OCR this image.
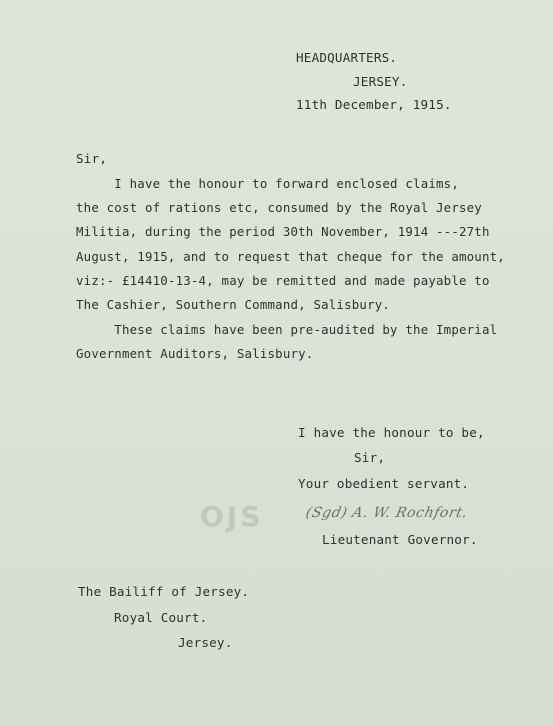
HEADQUARTERS.
JERSEY.
11th December, 1915.
Sir,
I have the honour to forward enclosed claims,
the cost of rations etc, consumed by the Royal Jersey
Militia, during the period 30th November, 1914 ---27th
August, 1915, and to request that cheque for the amount,
viz:- £14410-13-4, may be remitted and made payable to
The Cashier, Southern Command, Salisbury.
These claims have been pre-audited by the Imperial
Government Auditors, Salisbury.
I have the honour to be,
Sir,
Your obedient servant.
OJS	(Sgd) A. W. Rochfort.
Lieutenant Governor.
The Bailiff of Jersey.
Royal Court.
Jersey.
